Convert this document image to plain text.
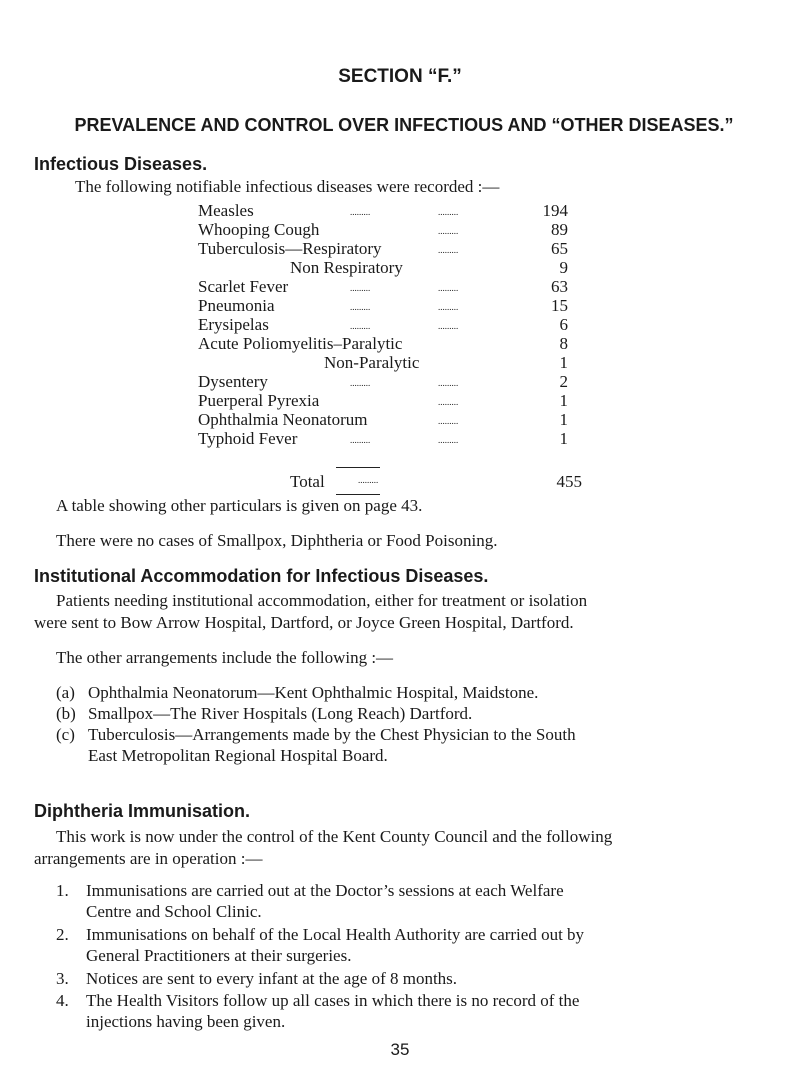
SECTION “F.”
PREVALENCE AND CONTROL OVER INFECTIOUS AND “OTHER DISEASES.”
Infectious Diseases.
The following notifiable infectious diseases were recorded :—
Measles	.........	.........	194
Whooping Cough	.........	89
Tuberculosis—Respiratory	.........	65
Non Respiratory	9
Scarlet Fever	.........	.........	63
Pneumonia	.........	.........	15
Erysipelas	.........	.........	6
Acute Poliomyelitis–Paralytic	8
Non-Paralytic	1
Dysentery	.........	.........	2
Puerperal Pyrexia	.........	1
Ophthalmia Neonatorum	.........	1
Typhoid Fever	.........	.........	1
Total	.........	455
A table showing other particulars is given on page 43.
There were no cases of Smallpox, Diphtheria or Food Poisoning.
Institutional Accommodation for Infectious Diseases.
Patients needing institutional accommodation, either for treatment or isolation
were sent to Bow Arrow Hospital, Dartford, or Joyce Green Hospital, Dartford.
The other arrangements include the following :—
(a) Ophthalmia Neonatorum—Kent Ophthalmic Hospital, Maidstone.
(b) Smallpox—The River Hospitals (Long Reach) Dartford.
(c) Tuberculosis—Arrangements made by the Chest Physician to the South
East Metropolitan Regional Hospital Board.
Diphtheria Immunisation.
This work is now under the control of the Kent County Council and the following
arrangements are in operation :—
1. Immunisations are carried out at the Doctor’s sessions at each Welfare
Centre and School Clinic.
2. Immunisations on behalf of the Local Health Authority are carried out by
General Practitioners at their surgeries.
3. Notices are sent to every infant at the age of 8 months.
4. The Health Visitors follow up all cases in which there is no record of the
injections having been given.
35
